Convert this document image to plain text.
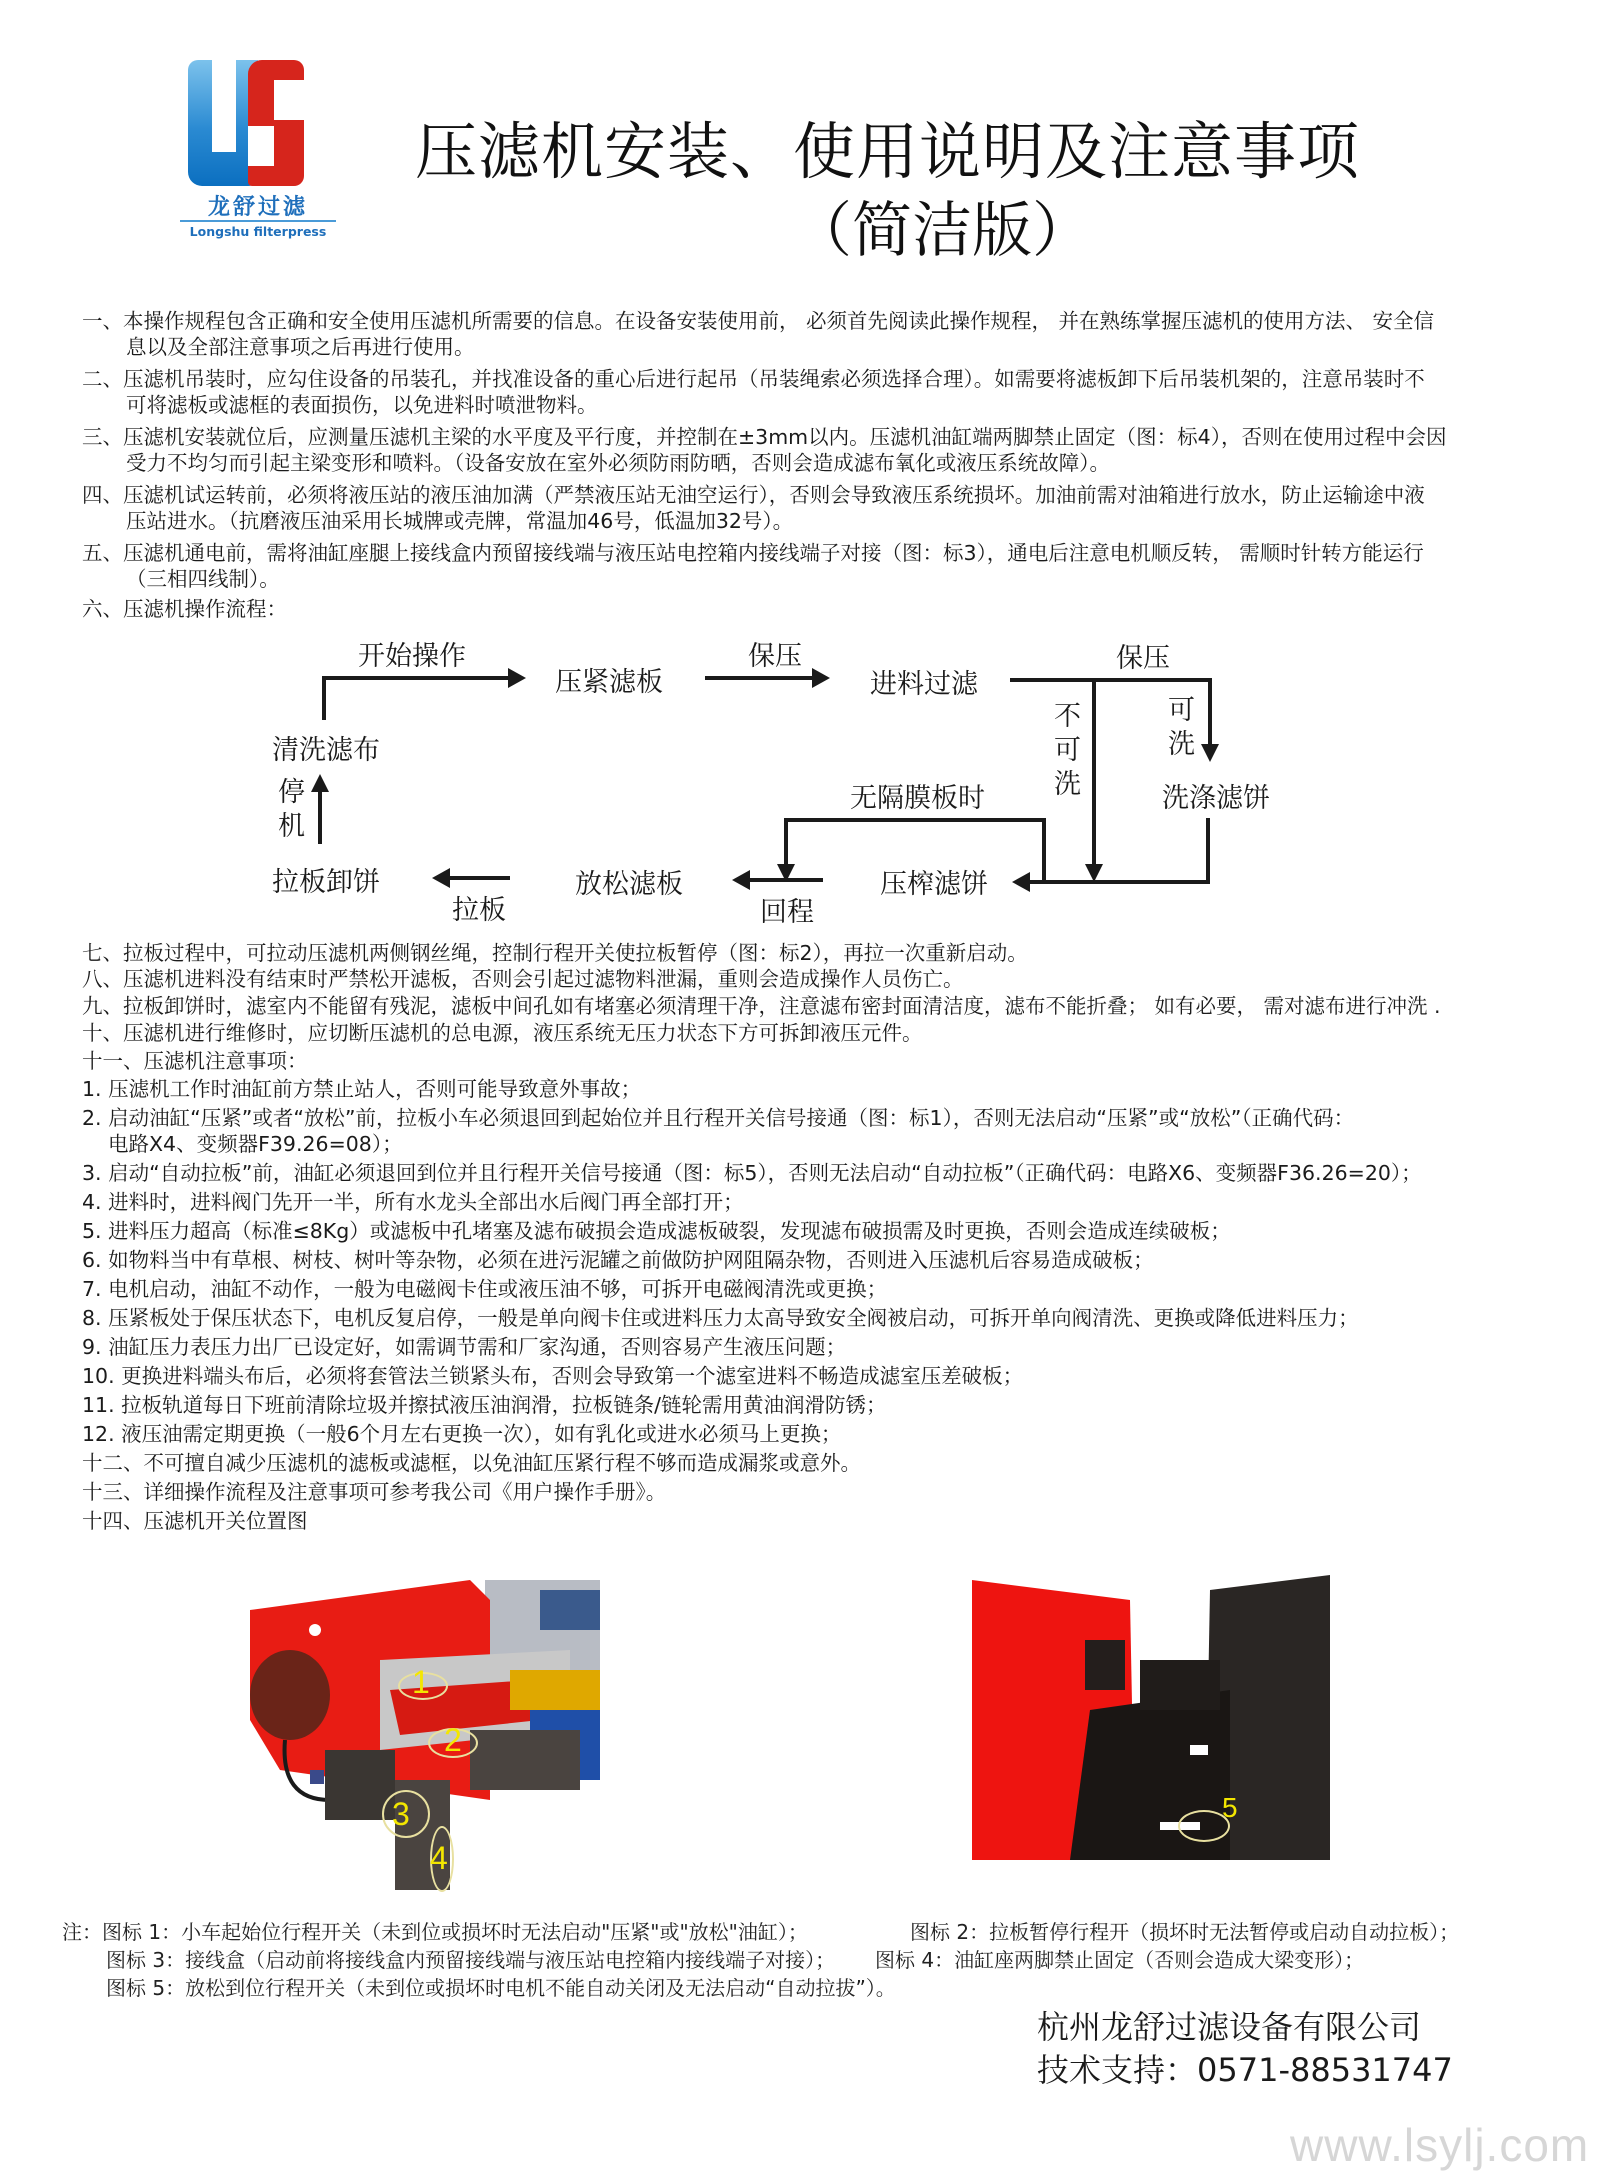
龙舒过滤
Longshu filterpress
压滤机安装、使用说明及注意事项
（简洁版）
一、本操作规程包含正确和安全使用压滤机所需要的信息。在设备安装使用前， 必须首先阅读此操作规程， 并在熟练掌握压滤机的使用方法、 安全信
息以及全部注意事项之后再进行使用。
二、压滤机吊装时，应勾住设备的吊装孔，并找准设备的重心后进行起吊（吊装绳索必须选择合理）。如需要将滤板卸下后吊装机架的，注意吊装时不
可将滤板或滤框的表面损伤，以免进料时喷泄物料。
三、压滤机安装就位后，应测量压滤机主梁的水平度及平行度，并控制在±3mm以内。压滤机油缸端两脚禁止固定（图：标4），否则在使用过程中会因
受力不均匀而引起主梁变形和喷料。（设备安放在室外必须防雨防晒，否则会造成滤布氧化或液压系统故障）。
四、压滤机试运转前，必须将液压站的液压油加满（严禁液压站无油空运行），否则会导致液压系统损坏。加油前需对油箱进行放水，防止运输途中液
压站进水。（抗磨液压油采用长城牌或壳牌，常温加46号，低温加32号）。
五、压滤机通电前，需将油缸座腿上接线盒内预留接线端与液压站电控箱内接线端子对接（图：标3），通电后注意电机顺反转， 需顺时针转方能运行
（三相四线制）。
六、压滤机操作流程：
开始操作
压紧滤板
保压
进料过滤
保压
不可洗
可洗
洗涤滤饼
压榨滤饼
无隔膜板时
回程
放松滤板
拉板
拉板卸饼
停机
清洗滤布
七、拉板过程中，可拉动压滤机两侧钢丝绳，控制行程开关使拉板暂停（图：标2），再拉一次重新启动。
八、压滤机进料没有结束时严禁松开滤板，否则会引起过滤物料泄漏，重则会造成操作人员伤亡。
九、拉板卸饼时，滤室内不能留有残泥，滤板中间孔如有堵塞必须清理干净，注意滤布密封面清洁度，滤布不能折叠； 如有必要， 需对滤布进行冲洗 .
十、压滤机进行维修时，应切断压滤机的总电源，液压系统无压力状态下方可拆卸液压元件。
十一、压滤机注意事项：
1. 压滤机工作时油缸前方禁止站人，否则可能导致意外事故；
2. 启动油缸“压紧”或者“放松”前，拉板小车必须退回到起始位并且行程开关信号接通（图：标1），否则无法启动“压紧”或“放松”（正确代码：
电路X4、变频器F39.26=08）；
3. 启动“自动拉板”前，油缸必须退回到位并且行程开关信号接通（图：标5），否则无法启动“自动拉板”（正确代码：电路X6、变频器F36.26=20）；
4. 进料时，进料阀门先开一半，所有水龙头全部出水后阀门再全部打开；
5. 进料压力超高（标准≤8Kg）或滤板中孔堵塞及滤布破损会造成滤板破裂，发现滤布破损需及时更换，否则会造成连续破板；
6. 如物料当中有草根、树枝、树叶等杂物，必须在进污泥罐之前做防护网阻隔杂物，否则进入压滤机后容易造成破板；
7. 电机启动，油缸不动作，一般为电磁阀卡住或液压油不够，可拆开电磁阀清洗或更换；
8. 压紧板处于保压状态下，电机反复启停，一般是单向阀卡住或进料压力太高导致安全阀被启动，可拆开单向阀清洗、更换或降低进料压力；
9. 油缸压力表压力出厂已设定好，如需调节需和厂家沟通，否则容易产生液压问题；
10. 更换进料端头布后，必须将套管法兰锁紧头布，否则会导致第一个滤室进料不畅造成滤室压差破板；
11. 拉板轨道每日下班前清除垃圾并擦拭液压油润滑，拉板链条/链轮需用黄油润滑防锈；
12. 液压油需定期更换（一般6个月左右更换一次），如有乳化或进水必须马上更换；
十二、不可擅自减少压滤机的滤板或滤框，以免油缸压紧行程不够而造成漏浆或意外。
十三、详细操作流程及注意事项可参考我公司《用户操作手册》。
十四、压滤机开关位置图
1
2
3
4
5
注：图标 1：小车起始位行程开关（未到位或损坏时无法启动"压紧"或"放松"油缸）；	图标 2：拉板暂停行程开（损坏时无法暂停或启动自动拉板）；
图标 3：接线盒（启动前将接线盒内预留接线端与液压站电控箱内接线端子对接）； 图标 4：油缸座两脚禁止固定（否则会造成大梁变形）；
图标 5：放松到位行程开关（未到位或损坏时电机不能自动关闭及无法启动“自动拉拔”）。
杭州龙舒过滤设备有限公司
技术支持：0571-88531747
www.lsylj.com
